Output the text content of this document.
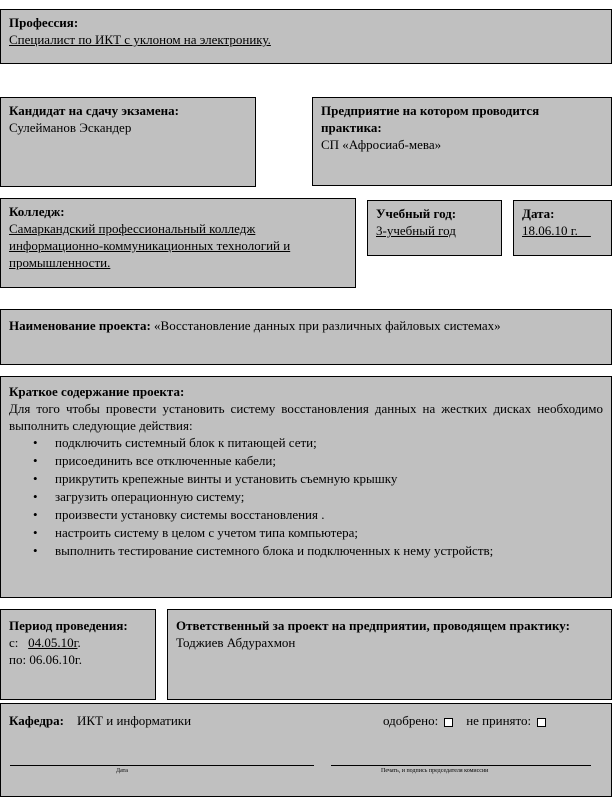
Профессия:
Специалист по ИКТ с уклоном на электронику.
Кандидат на сдачу экзамена:
Сулейманов Эскандер
Предприятие на котором проводится практика:
СП «Афросиаб-мева»
Колледж:
Самаркандский профессиональный колледж информационно-коммуникационных технологий и промышленности.
Учебный год:
3-учебный год
Дата:
18.06.10 г.
Наименование проекта: «Восстановление данных при различных файловых системах»
Краткое содержание проекта:
Для того чтобы провести установить систему восстановления данных на жестких дисках необходимо выполнить следующие действия:
• подключить системный блок к питающей сети;
• присоединить все отключенные кабели;
• прикрутить крепежные винты и установить съемную крышку
• загрузить операционную систему;
• произвести установку системы восстановления .
• настроить систему в целом с учетом типа компьютера;
• выполнить тестирование системного блока и подключенных к нему устройств;
Период проведения:
с: 04.05.10г.
по: 06.06.10г.
Ответственный за проект на предприятии, проводящем практику:
Тоджиев Абдурахмон
Кафедра: ИКТ и информатики	одобрено: не принято:
Дата	Печать, и подпись председателя комиссии
